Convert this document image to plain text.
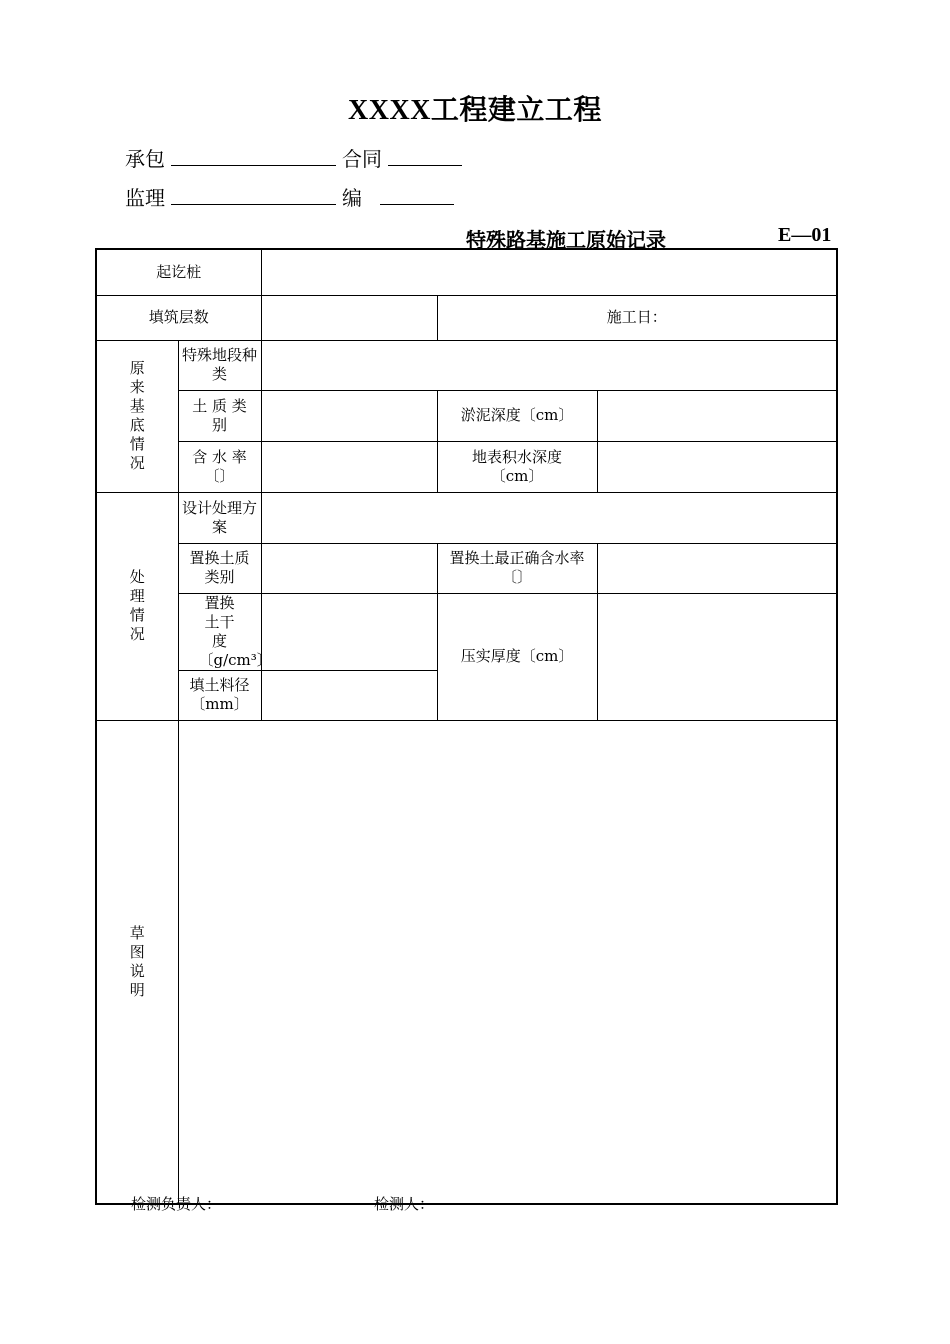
XXXX工程建立工程
承包	合同
监理	编
特殊路基施工原始记录	E—01
起讫桩				
填筑层数			施工日：	

原来基底情况	特殊地段种类			
	土 质 类 别		淤泥深度〔cm〕	
	含 水 率〔〕		地表积水深度〔cm〕	

处理情况	设计处理方案			
	置换土质类别		置换土最正确含水率〔〕	
	置换土干度〔g/cm³〕		压实厚度〔cm〕	
	填土料径〔mm〕			

草图说明				

检测负责人：	检测人：
